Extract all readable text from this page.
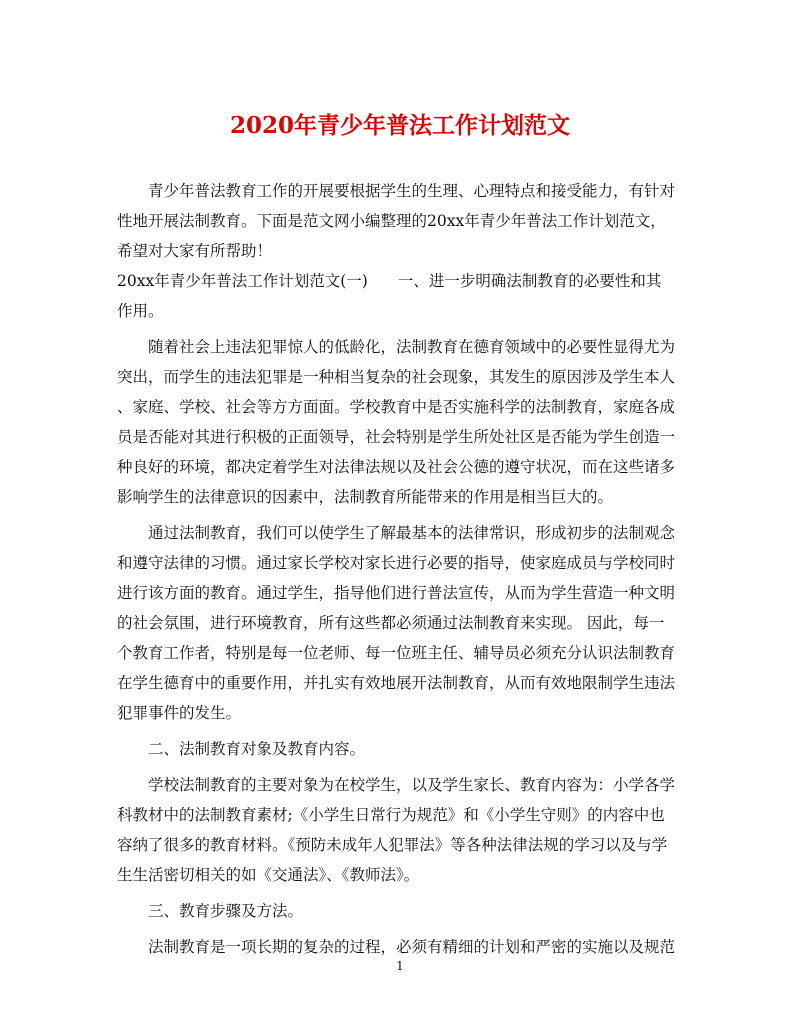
2020年青少年普法工作计划范文
青少年普法教育工作的开展要根据学生的生理、心理特点和接受能力，有针对
性地开展法制教育。下面是范文网小编整理的20xx年青少年普法工作计划范文，
希望对大家有所帮助！
20xx年青少年普法工作计划范文(一) 一、进一步明确法制教育的必要性和其
作用。
随着社会上违法犯罪惊人的低龄化，法制教育在德育领域中的必要性显得尤为
突出，而学生的违法犯罪是一种相当复杂的社会现象，其发生的原因涉及学生本人
、家庭、学校、社会等方方面面。学校教育中是否实施科学的法制教育，家庭各成
员是否能对其进行积极的正面领导，社会特别是学生所处社区是否能为学生创造一
种良好的环境，都决定着学生对法律法规以及社会公德的遵守状况，而在这些诸多
影响学生的法律意识的因素中，法制教育所能带来的作用是相当巨大的。
通过法制教育，我们可以使学生了解最基本的法律常识，形成初步的法制观念
和遵守法律的习惯。通过家长学校对家长进行必要的指导，使家庭成员与学校同时
进行该方面的教育。通过学生，指导他们进行普法宣传，从而为学生营造一种文明
的社会氛围，进行环境教育，所有这些都必须通过法制教育来实现。 因此，每一
个教育工作者，特别是每一位老师、每一位班主任、辅导员必须充分认识法制教育
在学生德育中的重要作用，并扎实有效地展开法制教育，从而有效地限制学生违法
犯罪事件的发生。
二、法制教育对象及教育内容。
学校法制教育的主要对象为在校学生，以及学生家长、教育内容为：小学各学
科教材中的法制教育素材;《小学生日常行为规范》和《小学生守则》的内容中也
容纳了很多的教育材料。《预防未成年人犯罪法》等各种法律法规的学习以及与学
生生活密切相关的如《交通法》、《教师法》。
三、教育步骤及方法。
法制教育是一项长期的复杂的过程，必须有精细的计划和严密的实施以及规范
1
